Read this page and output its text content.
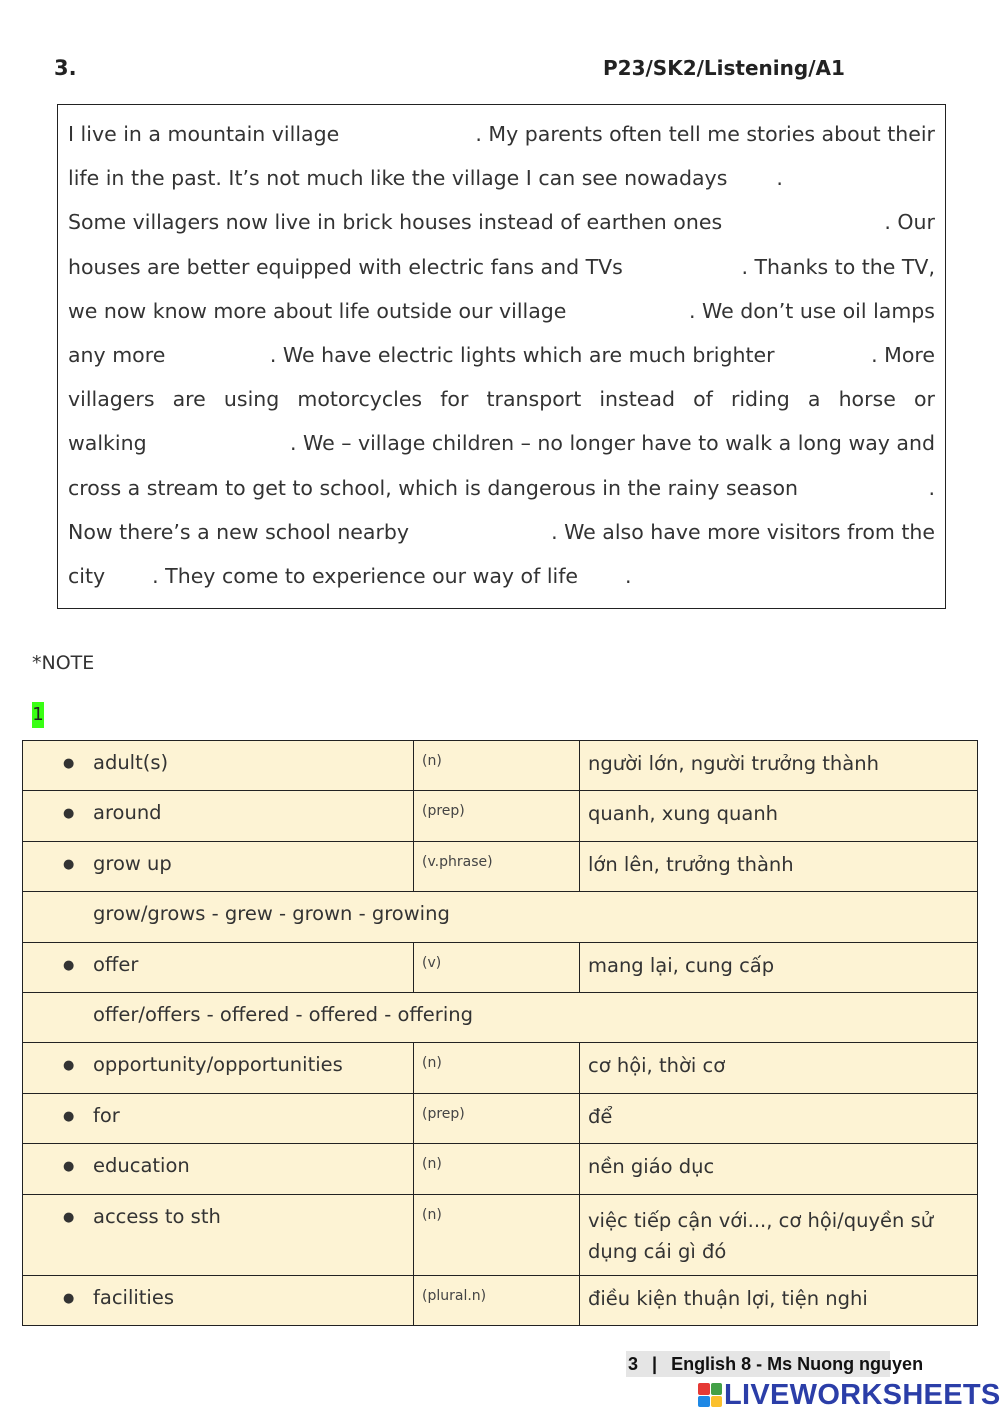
3.	P23/SK2/Listening/A1
I live in a mountain village	. My parents often tell me stories about their
life in the past. It’s not much like the village I can see nowadays .
Some villagers now live in brick houses instead of earthen ones	. Our
houses are better equipped with electric fans and TVs	. Thanks to the TV,
we now know more about life outside our village	. We don’t use oil lamps
any more	. We have electric lights which are much brighter	. More
villagers are using motorcycles for transport instead of riding a horse or
walking	. We – village children – no longer have to walk a long way and
cross a stream to get to school, which is dangerous in the rainy season	.
Now there’s a new school nearby	. We also have more visitors from the
city . They come to experience our way of life .
*NOTE
1
● adult(s)	(n)	người lớn, người trưởng thành
● around	(prep)	quanh, xung quanh
● grow up	(v.phrase)	lớn lên, trưởng thành
grow/grows - grew - grown - growing		
● offer	(v)	mang lại, cung cấp
offer/offers - offered - offered - offering		
● opportunity/opportunities	(n)	cơ hội, thời cơ
● for	(prep)	để
● education	(n)	nền giáo dục
● access to sth	(n)	việc tiếp cận với..., cơ hội/quyền sử dụng cái gì đó
● facilities	(plural.n)	điều kiện thuận lợi, tiện nghi
3 | English 8 - Ms Nuong nguyen
LIVEWORKSHEETS
